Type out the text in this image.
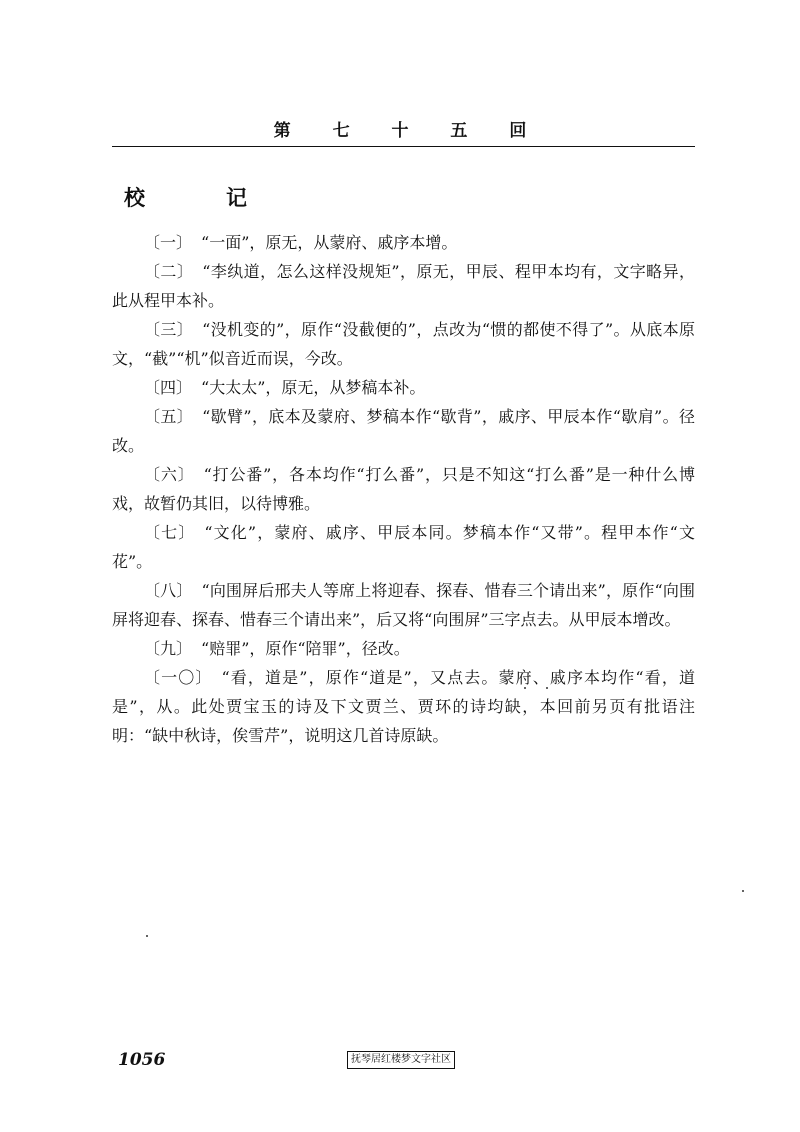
第 七 十 五 回
校　记

〔一〕 “一面”，原无，从蒙府、戚序本增。

〔二〕 “李纨道，怎么这样没规矩”，原无，甲辰、程甲本均有，文字略异，此从程甲本补。

〔三〕 “没机变的”，原作“没截便的”，点改为“惯的都使不得了”。从底本原文，“截”“机”似音近而误，今改。

〔四〕 “大太太”，原无，从梦稿本补。

〔五〕 “歇臂”，底本及蒙府、梦稿本作“歇背”，戚序、甲辰本作“歇肩”。径改。

〔六〕 “打公番”，各本均作“打么番”，只是不知这“打么番”是一种什么博戏，故暂仍其旧，以待博雅。

〔七〕 “文化”，蒙府、戚序、甲辰本同。梦稿本作“又带”。程甲本作“文花”。

〔八〕 “向围屏后邢夫人等席上将迎春、探春、惜春三个请出来”，原作“向围屏将迎春、探春、惜春三个请出来”，后又将“向围屏”三字点去。从甲辰本增改。

〔九〕 “赔罪”，原作“陪罪”，径改。

〔一〇〕 “看，道是”，原作“道是”，又点去。蒙府、戚序本均作“看，道是”，从。此处贾宝玉的诗及下文贾兰、贾环的诗均缺，本回前另页有批语注明：“缺中秋诗，俟雪芹”，说明这几首诗原缺。

1056	抚琴居红楼梦文字社区
